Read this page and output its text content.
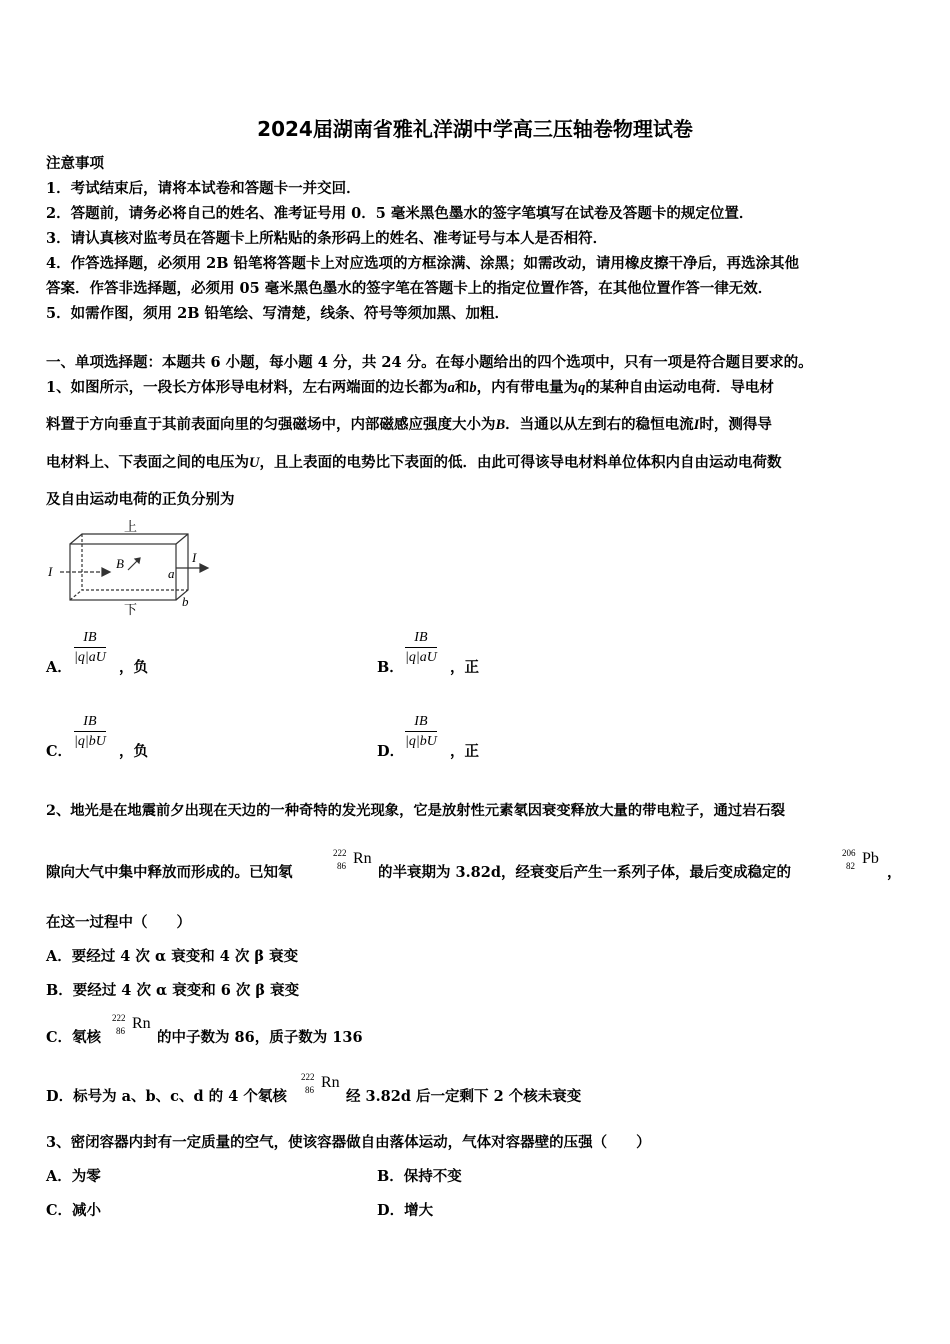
2024届湖南省雅礼洋湖中学高三压轴卷物理试卷
注意事项
1．考试结束后，请将本试卷和答题卡一并交回．
2．答题前，请务必将自己的姓名、准考证号用 0．5 毫米黑色墨水的签字笔填写在试卷及答题卡的规定位置．
3．请认真核对监考员在答题卡上所粘贴的条形码上的姓名、准考证号与本人是否相符．
4．作答选择题，必须用 2B 铅笔将答题卡上对应选项的方框涂满、涂黑；如需改动，请用橡皮擦干净后，再选涂其他
答案．作答非选择题，必须用 05 毫米黑色墨水的签字笔在答题卡上的指定位置作答，在其他位置作答一律无效．
5．如需作图，须用 2B 铅笔绘、写清楚，线条、符号等须加黑、加粗．
一、单项选择题：本题共 6 小题，每小题 4 分，共 24 分。在每小题给出的四个选项中，只有一项是符合题目要求的。
1、如图所示，一段长方体形导电材料，左右两端面的边长都为a和b，内有带电量为q的某种自由运动电荷．导电材
料置于方向垂直于其前表面向里的匀强磁场中，内部磁感应强度大小为B．当通以从左到右的稳恒电流I时，测得导
电材料上、下表面之间的电压为U，且上表面的电势比下表面的低．由此可得该导电材料单位体积内自由运动电荷数
及自由运动电荷的正负分别为
上
下
I
I
B
a
b
A．
$\frac{IB}{|q|aU}$
，负	B．
$\frac{IB}{|q|aU}$
，正
C．
$\frac{IB}{|q|bU}$
，负	D．
$\frac{IB}{|q|bU}$
，正
2、地光是在地震前夕出现在天边的一种奇特的发光现象，它是放射性元素氡因衰变释放大量的带电粒子，通过岩石裂
隙向大气中集中释放而形成的。已知氡
222
86 Rn
的半衰期为 3.82d，经衰变后产生一系列子体，最后变成稳定的
206
82 Pb
，
在这一过程中（　　）
A．要经过 4 次 α 衰变和 4 次 β 衰变
B．要经过 4 次 α 衰变和 6 次 β 衰变
C．氡核
222
86 Rn
的中子数为 86，质子数为 136
D．标号为 a、b、c、d 的 4 个氡核
222
86 Rn
经 3.82d 后一定剩下 2 个核未衰变
3、密闭容器内封有一定质量的空气，使该容器做自由落体运动，气体对容器壁的压强（　　）
A．为零	B．保持不变
C．减小	D．增大
